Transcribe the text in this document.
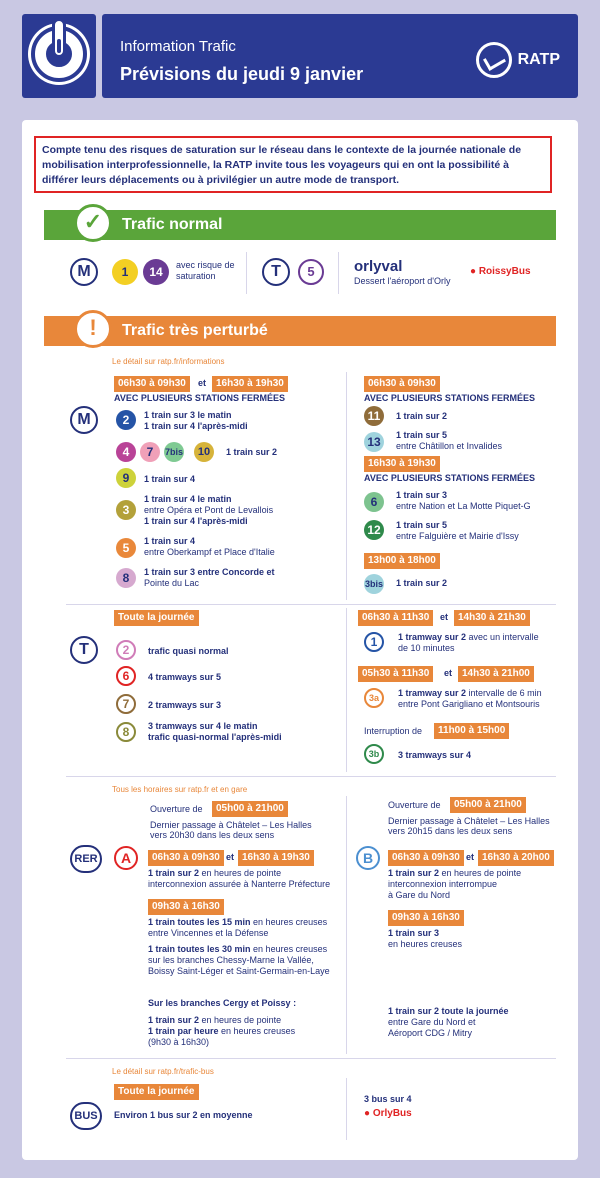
Information Trafic
Prévisions du jeudi 9 janvier
RATP
Compte tenu des risques de saturation sur le réseau dans le contexte de la journée nationale de mobilisation interprofessionnelle, la RATP invite tous les voyageurs qui en ont la possibilité à différer leurs déplacements ou à privilégier un autre mode de transport.
✓	Trafic normal
M	1	14	avec risque de saturation	T	5	orlyval
Dessert l'aéroport d'Orly
● RoissyBus
!	Trafic très perturbé
Le détail sur ratp.fr/informations
06h30 à 09h30	et 16h30 à 19h30
AVEC PLUSIEURS STATIONS FERMÉES
M	2	1 train sur 3 le matin
1 train sur 4 l'après-midi
4	7	7bis	10	1 train sur 2
9	1 train sur 4
3
1 train sur 4 le matin
entre Opéra et Pont de Levallois
1 train sur 4 l'après-midi
5	1 train sur 4
entre Oberkampf et Place d'Italie
8	1 train sur 3 entre Concorde et
Pointe du Lac
06h30 à 09h30
AVEC PLUSIEURS STATIONS FERMÉES
11	1 train sur 2
13	1 train sur 5
entre Châtillon et Invalides
16h30 à 19h30
AVEC PLUSIEURS STATIONS FERMÉES
6	1 train sur 3
entre Nation et La Motte Piquet-G
12	1 train sur 5
entre Falguière et Mairie d'Issy
13h00 à 18h00
3bis 1 train sur 2
Toute la journée
T	2	trafic quasi normal
6	4 tramways sur 5
7	2 tramways sur 3
8	3 tramways sur 4 le matin
trafic quasi-normal l'après-midi
06h30 à 11h30	et 14h30 à 21h30
1	1 tramway sur 2 avec un intervalle
de 10 minutes
05h30 à 11h30	et 14h30 à 21h00
3a	1 tramway sur 2 intervalle de 6 min
entre Pont Garigliano et Montsouris
Interruption de	11h00 à 15h00
3b	3 tramways sur 4
Tous les horaires sur ratp.fr et en gare
Ouverture de	05h00 à 21h00
Dernier passage à Châtelet – Les Halles
vers 20h30 dans les deux sens
RER	A	06h30 à 09h30 et 16h30 à 19h30
1 train sur 2 en heures de pointe
interconnexion assurée à Nanterre Préfecture
09h30 à 16h30
1 train toutes les 15 min en heures creuses
entre Vincennes et la Défense
1 train toutes les 30 min en heures creuses
sur les branches Chessy-Marne la Vallée,
Boissy Saint-Léger et Saint-Germain-en-Laye
Sur les branches Cergy et Poissy :
1 train sur 2 en heures de pointe
1 train par heure en heures creuses
(9h30 à 16h30)
Ouverture de	05h00 à 21h00
Dernier passage à Châtelet – Les Halles
vers 20h15 dans les deux sens
B	06h30 à 09h30 et 16h30 à 20h00
1 train sur 2 en heures de pointe
interconnexion interrompue
à Gare du Nord
09h30 à 16h30
1 train sur 3
en heures creuses
1 train sur 2 toute la journée
entre Gare du Nord et
Aéroport CDG / Mitry
Le détail sur ratp.fr/trafic-bus
Toute la journée
BUS	Environ 1 bus sur 2 en moyenne
3 bus sur 4
● OrlyBus
